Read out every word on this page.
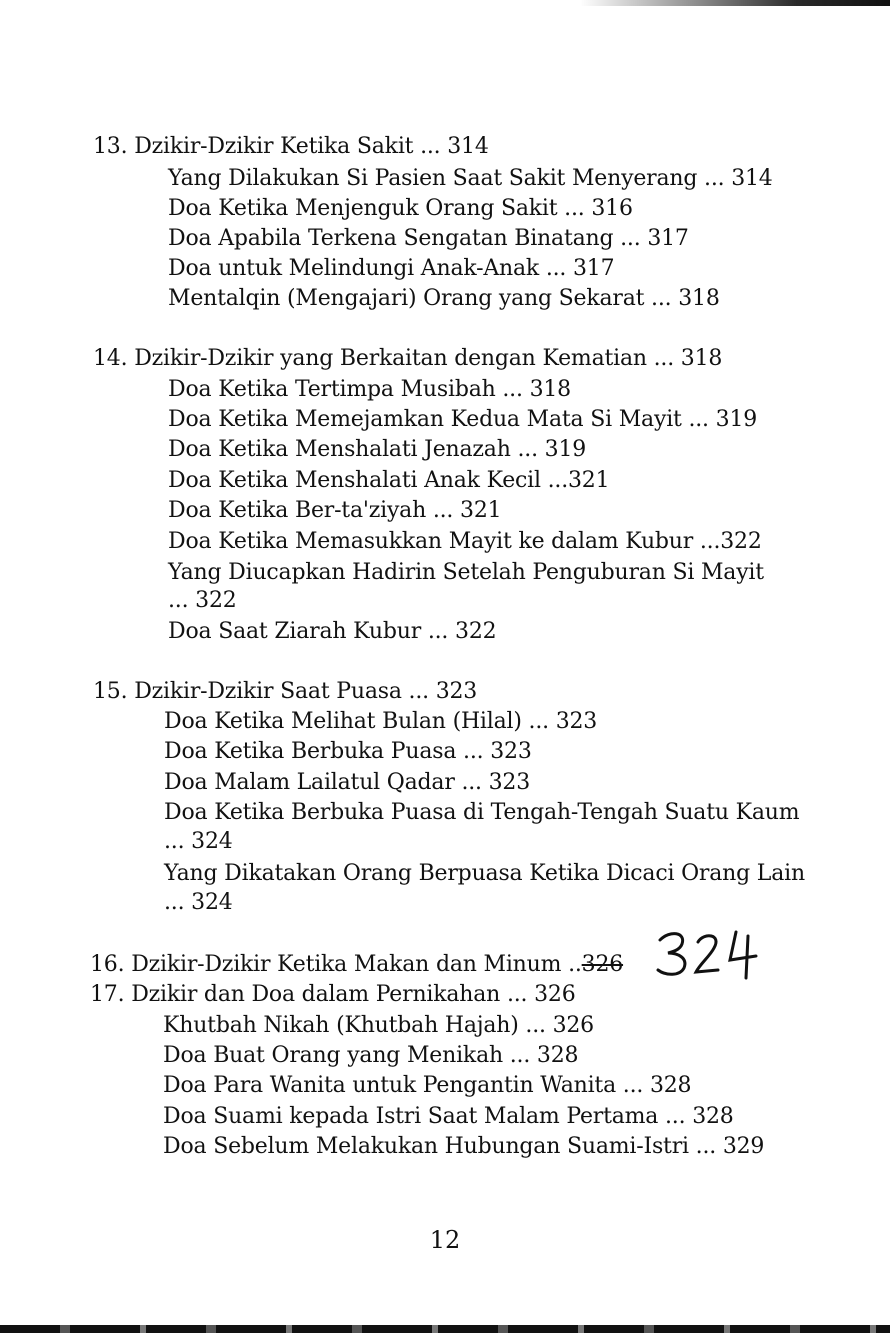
13. Dzikir-Dzikir Ketika Sakit ... 314
Yang Dilakukan Si Pasien Saat Sakit Menyerang ... 314
Doa Ketika Menjenguk Orang Sakit ... 316
Doa Apabila Terkena Sengatan Binatang ... 317
Doa untuk Melindungi Anak-Anak ... 317
Mentalqin (Mengajari) Orang yang Sekarat ... 318
14. Dzikir-Dzikir yang Berkaitan dengan Kematian ... 318
Doa Ketika Tertimpa Musibah ... 318
Doa Ketika Memejamkan Kedua Mata Si Mayit ... 319
Doa Ketika Menshalati Jenazah ... 319
Doa Ketika Menshalati Anak Kecil ...321
Doa Ketika Ber-ta'ziyah ... 321
Doa Ketika Memasukkan Mayit ke dalam Kubur ...322
Yang Diucapkan Hadirin Setelah Penguburan Si Mayit
... 322
Doa Saat Ziarah Kubur ... 322
15. Dzikir-Dzikir Saat Puasa ... 323
Doa Ketika Melihat Bulan (Hilal) ... 323
Doa Ketika Berbuka Puasa ... 323
Doa Malam Lailatul Qadar ... 323
Doa Ketika Berbuka Puasa di Tengah-Tengah Suatu Kaum
... 324
Yang Dikatakan Orang Berpuasa Ketika Dicaci Orang Lain
... 324
16. Dzikir-Dzikir Ketika Makan dan Minum ..326
324
17. Dzikir dan Doa dalam Pernikahan ... 326
Khutbah Nikah (Khutbah Hajah) ... 326
Doa Buat Orang yang Menikah ... 328
Doa Para Wanita untuk Pengantin Wanita ... 328
Doa Suami kepada Istri Saat Malam Pertama ... 328
Doa Sebelum Melakukan Hubungan Suami-Istri ... 329
12
